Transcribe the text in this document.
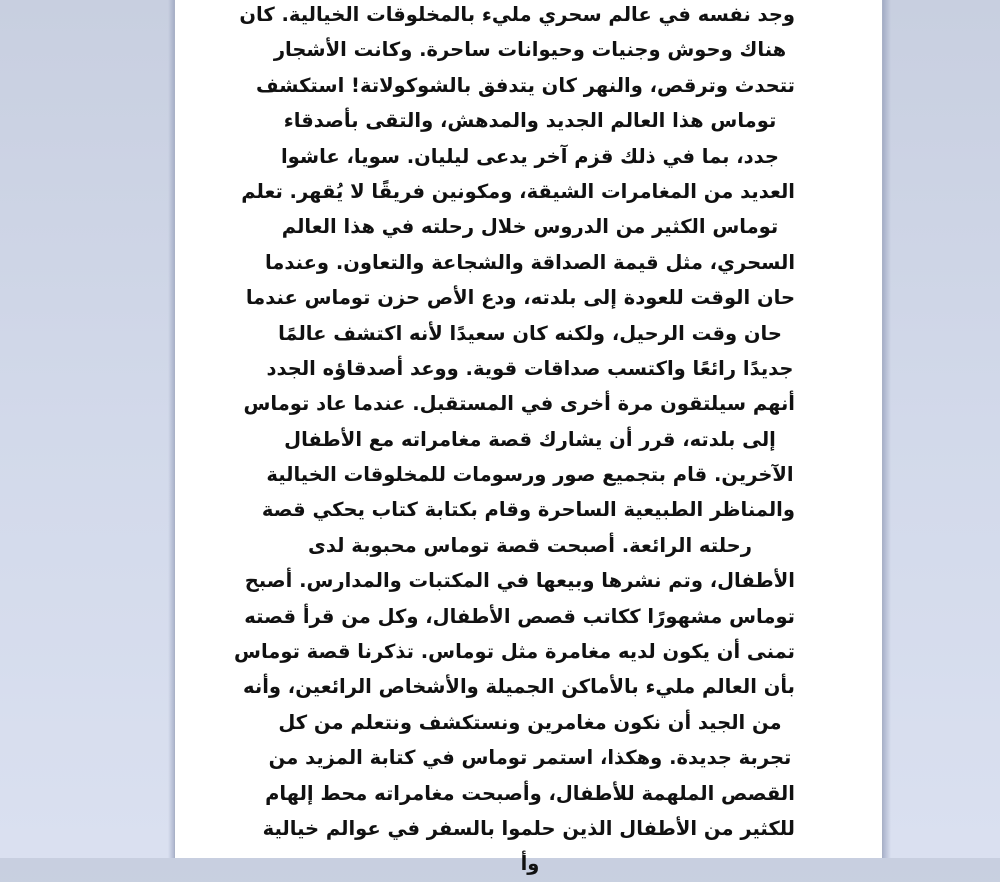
وجد نفسه في عالم سحري مليء بالمخلوقات الخيالية. كان
هناك وحوش وجنيات وحيوانات ساحرة. وكانت الأشجار
تتحدث وترقص، والنهر كان يتدفق بالشوكولاتة! استكشف
توماس هذا العالم الجديد والمدهش، والتقى بأصدقاء
جدد، بما في ذلك قزم آخر يدعى ليليان. سويا، عاشوا
العديد من المغامرات الشيقة، ومكونين فريقًا لا يُقهر. تعلم
توماس الكثير من الدروس خلال رحلته في هذا العالم
السحري، مثل قيمة الصداقة والشجاعة والتعاون. وعندما
حان الوقت للعودة إلى بلدته، ودع الأص حزن توماس عندما
حان وقت الرحيل، ولكنه كان سعيدًا لأنه اكتشف عالمًا
جديدًا رائعًا واكتسب صداقات قوية. ووعد أصدقاؤه الجدد
أنهم سيلتقون مرة أخرى في المستقبل. عندما عاد توماس
إلى بلدته، قرر أن يشارك قصة مغامراته مع الأطفال
الآخرين. قام بتجميع صور ورسومات للمخلوقات الخيالية
والمناظر الطبيعية الساحرة وقام بكتابة كتاب يحكي قصة
رحلته الرائعة. أصبحت قصة توماس محبوبة لدى
الأطفال، وتم نشرها وبيعها في المكتبات والمدارس. أصبح
توماس مشهورًا ككاتب قصص الأطفال، وكل من قرأ قصته
تمنى أن يكون لديه مغامرة مثل توماس. تذكرنا قصة توماس
بأن العالم مليء بالأماكن الجميلة والأشخاص الرائعين، وأنه
من الجيد أن نكون مغامرين ونستكشف ونتعلم من كل
تجربة جديدة. وهكذا، استمر توماس في كتابة المزيد من
القصص الملهمة للأطفال، وأصبحت مغامراته محط إلهام
للكثير من الأطفال الذين حلموا بالسفر في عوالم خيالية
وأ
